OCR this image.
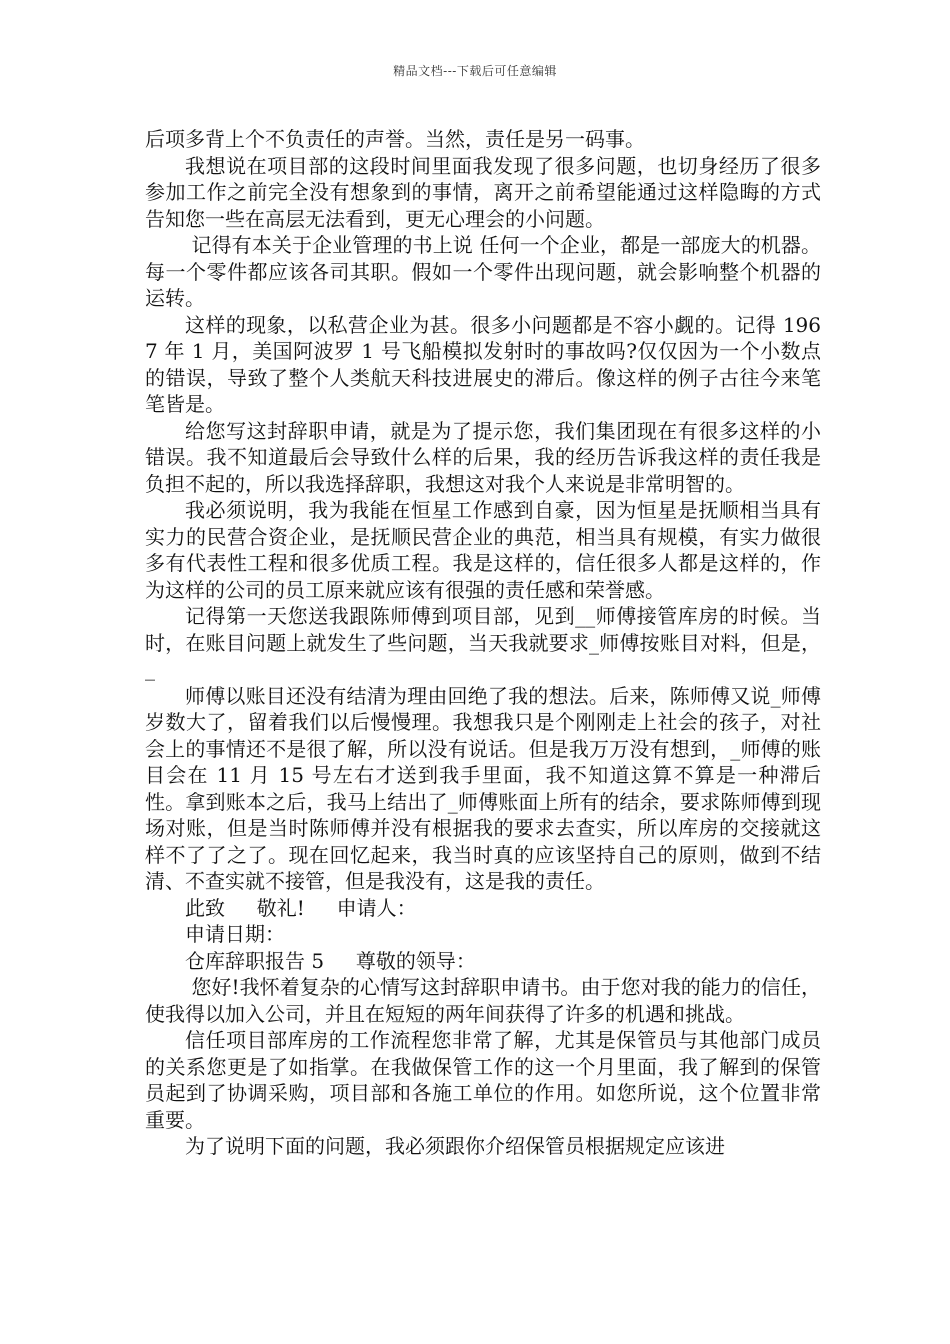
精品文档---下载后可任意编辑

后项多背上个不负责任的声誉。当然，责任是另一码事。

我想说在项目部的这段时间里面我发现了很多问题，也切身经历了很多参加工作之前完全没有想象到的事情，离开之前希望能通过这样隐晦的方式告知您一些在高层无法看到，更无心理会的小问题。

记得有本关于企业管理的书上说 任何一个企业，都是一部庞大的机器。每一个零件都应该各司其职。假如一个零件出现问题，就会影响整个机器的运转。

这样的现象，以私营企业为甚。很多小问题都是不容小觑的。记得 1967 年 1 月，美国阿波罗 1 号飞船模拟发射时的事故吗?仅仅因为一个小数点的错误，导致了整个人类航天科技进展史的滞后。像这样的例子古往今来笔笔皆是。

给您写这封辞职申请，就是为了提示您，我们集团现在有很多这样的小错误。我不知道最后会导致什么样的后果，我的经历告诉我这样的责任我是负担不起的，所以我选择辞职，我想这对我个人来说是非常明智的。

我必须说明，我为我能在恒星工作感到自豪，因为恒星是抚顺相当具有实力的民营合资企业，是抚顺民营企业的典范，相当具有规模，有实力做很多有代表性工程和很多优质工程。我是这样的，信任很多人都是这样的，作为这样的公司的员工原来就应该有很强的责任感和荣誉感。

记得第一天您送我跟陈师傅到项目部，见到__师傅接管库房的时候。当时，在账目问题上就发生了些问题，当天我就要求_师傅按账目对料，但是，_

师傅以账目还没有结清为理由回绝了我的想法。后来，陈师傅又说_师傅岁数大了，留着我们以后慢慢理。我想我只是个刚刚走上社会的孩子，对社会上的事情还不是很了解，所以没有说话。但是我万万没有想到，_师傅的账目会在 11 月 15 号左右才送到我手里面，我不知道这算不算是一种滞后性。拿到账本之后，我马上结出了_师傅账面上所有的结余，要求陈师傅到现场对账，但是当时陈师傅并没有根据我的要求去查实，所以库房的交接就这样不了了之了。现在回忆起来，我当时真的应该坚持自己的原则，做到不结清、不查实就不接管，但是我没有，这是我的责任。

此致     敬礼!     申请人：

申请日期：

仓库辞职报告 5     尊敬的领导：

您好!我怀着复杂的心情写这封辞职申请书。由于您对我的能力的信任，使我得以加入公司，并且在短短的两年间获得了许多的机遇和挑战。

信任项目部库房的工作流程您非常了解，尤其是保管员与其他部门成员的关系您更是了如指掌。在我做保管工作的这一个月里面，我了解到的保管员起到了协调采购，项目部和各施工单位的作用。如您所说，这个位置非常重要。

为了说明下面的问题，我必须跟你介绍保管员根据规定应该进
